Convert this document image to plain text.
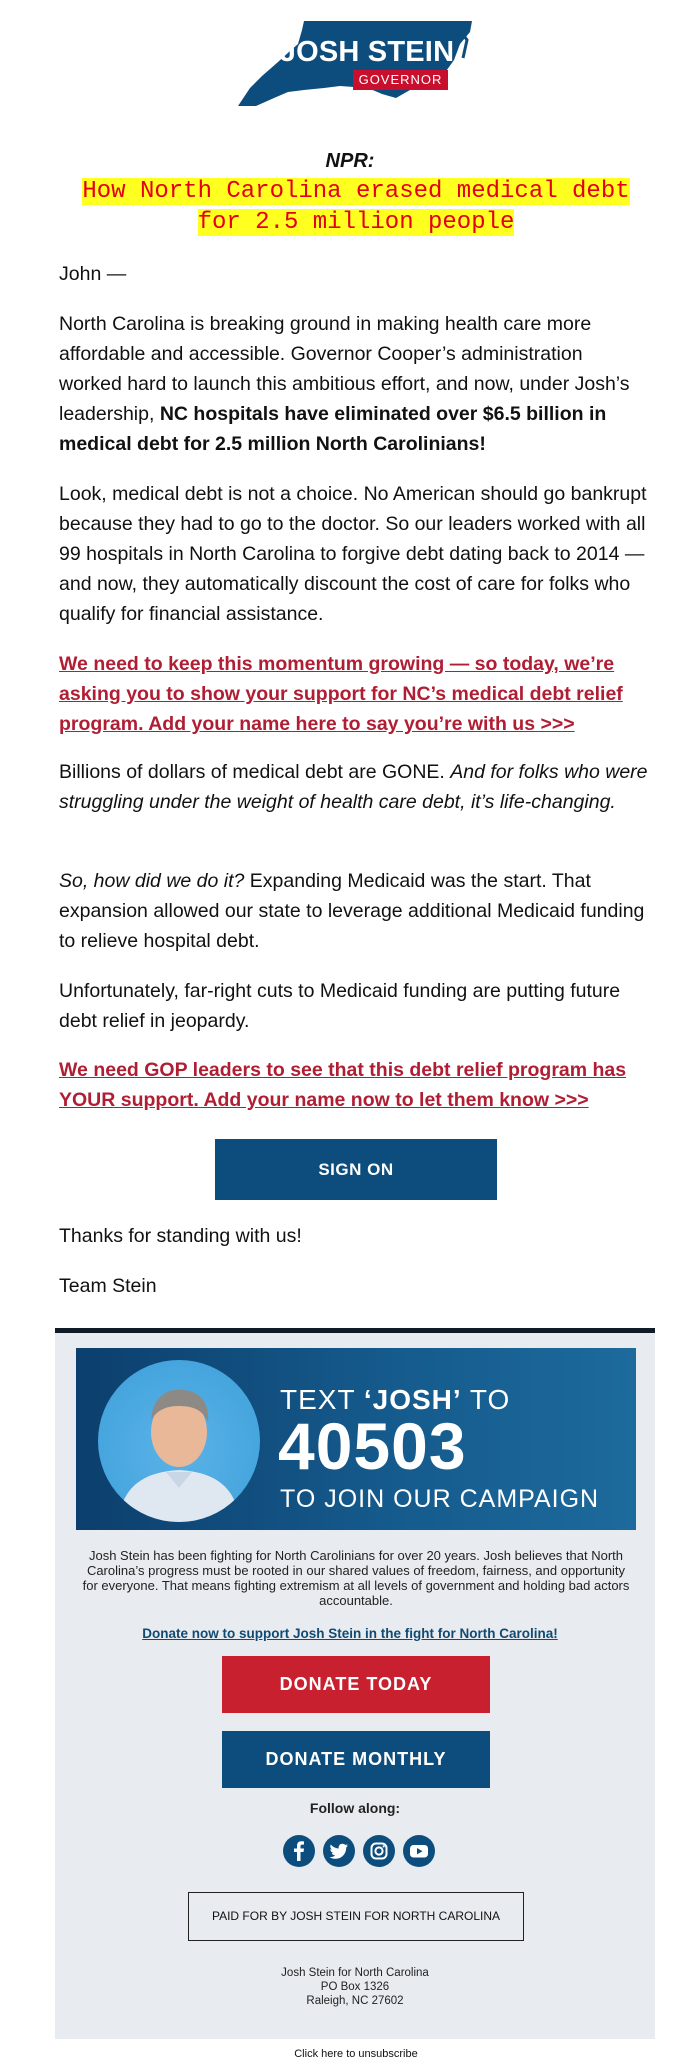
JOSH STEIN
GOVERNOR
NPR:
How North Carolina erased medical debt
for 2.5 million people

John —

North Carolina is breaking ground in making health care more affordable and accessible. Governor Cooper’s administration worked hard to launch this ambitious effort, and now, under Josh’s leadership, NC hospitals have eliminated over $6.5 billion in medical debt for 2.5 million North Carolinians!

Look, medical debt is not a choice. No American should go bankrupt because they had to go to the doctor. So our leaders worked with all 99 hospitals in North Carolina to forgive debt dating back to 2014 — and now, they automatically discount the cost of care for folks who qualify for financial assistance.

We need to keep this momentum growing — so today, we’re asking you to show your support for NC’s medical debt relief program. Add your name here to say you’re with us >>>

Billions of dollars of medical debt are GONE. And for folks who were struggling under the weight of health care debt, it’s life-changing.

So, how did we do it? Expanding Medicaid was the start. That expansion allowed our state to leverage additional Medicaid funding to relieve hospital debt.

Unfortunately, far-right cuts to Medicaid funding are putting future debt relief in jeopardy.

We need GOP leaders to see that this debt relief program has YOUR support. Add your name now to let them know >>>

SIGN ON

Thanks for standing with us!

Team Stein

TEXT ‘JOSH’ TO
40503
TO JOIN OUR CAMPAIGN
Josh Stein has been fighting for North Carolinians for over 20 years. Josh believes that North Carolina’s progress must be rooted in our shared values of freedom, fairness, and opportunity for everyone. That means fighting extremism at all levels of government and holding bad actors accountable.
Donate now to support Josh Stein in the fight for North Carolina!
DONATE TODAY
DONATE MONTHLY
Follow along:
PAID FOR BY JOSH STEIN FOR NORTH CAROLINA
Josh Stein for North Carolina
PO Box 1326
Raleigh, NC 27602
Click here to unsubscribe
